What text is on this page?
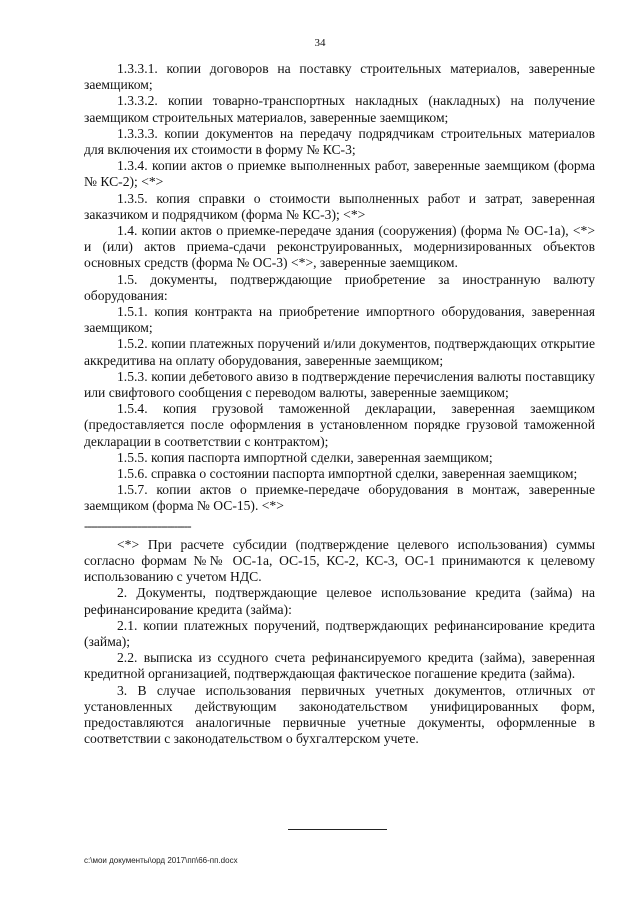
34

1.3.3.1. копии договоров на поставку строительных материалов, заверенные заемщиком;

1.3.3.2. копии товарно-транспортных накладных (накладных) на получение заемщиком строительных материалов, заверенные заемщиком;

1.3.3.3. копии документов на передачу подрядчикам строительных материалов для включения их стоимости в форму № КС-3;

1.3.4. копии актов о приемке выполненных работ, заверенные заемщиком (форма № КС-2); <*>

1.3.5. копия справки о стоимости выполненных работ и затрат, заверенная заказчиком и подрядчиком (форма № КС-3); <*>

1.4. копии актов о приемке-передаче здания (сооружения) (форма № ОС-1а), <*> и (или) актов приема-сдачи реконструированных, модернизированных объектов основных средств (форма № ОС-3) <*>, заверенные заемщиком.

1.5. документы, подтверждающие приобретение за иностранную валюту оборудования:

1.5.1. копия контракта на приобретение импортного оборудования, заверенная заемщиком;

1.5.2. копии платежных поручений и/или документов, подтверждающих открытие аккредитива на оплату оборудования, заверенные заемщиком;

1.5.3. копии дебетового авизо в подтверждение перечисления валюты поставщику или свифтового сообщения с переводом валюты, заверенные заемщиком;

1.5.4. копия грузовой таможенной декларации, заверенная заемщиком (предоставляется после оформления в установленном порядке грузовой таможенной декларации в соответствии с контрактом);

1.5.5. копия паспорта импортной сделки, заверенная заемщиком;

1.5.6. справка о состоянии паспорта импортной сделки, заверенная заемщиком;

1.5.7. копии актов о приемке-передаче оборудования в монтаж, заверенные заемщиком (форма № ОС-15). <*>

--------------------------------

<*> При расчете субсидии (подтверждение целевого использования) суммы согласно формам №№ ОС-1а, ОС-15, КС-2, КС-3, ОС-1 принимаются к целевому использованию с учетом НДС.

2. Документы, подтверждающие целевое использование кредита (займа) на рефинансирование кредита (займа):

2.1. копии платежных поручений, подтверждающих рефинансирование кредита (займа);

2.2. выписка из ссудного счета рефинансируемого кредита (займа), заверенная кредитной организацией, подтверждающая фактическое погашение кредита (займа).

3. В случае использования первичных учетных документов, отличных от установленных действующим законодательством унифицированных форм, предоставляются аналогичные первичные учетные документы, оформленные в соответствии с законодательством о бухгалтерском учете.

c:\мои документы\орд 2017\пп\66-пп.docx
